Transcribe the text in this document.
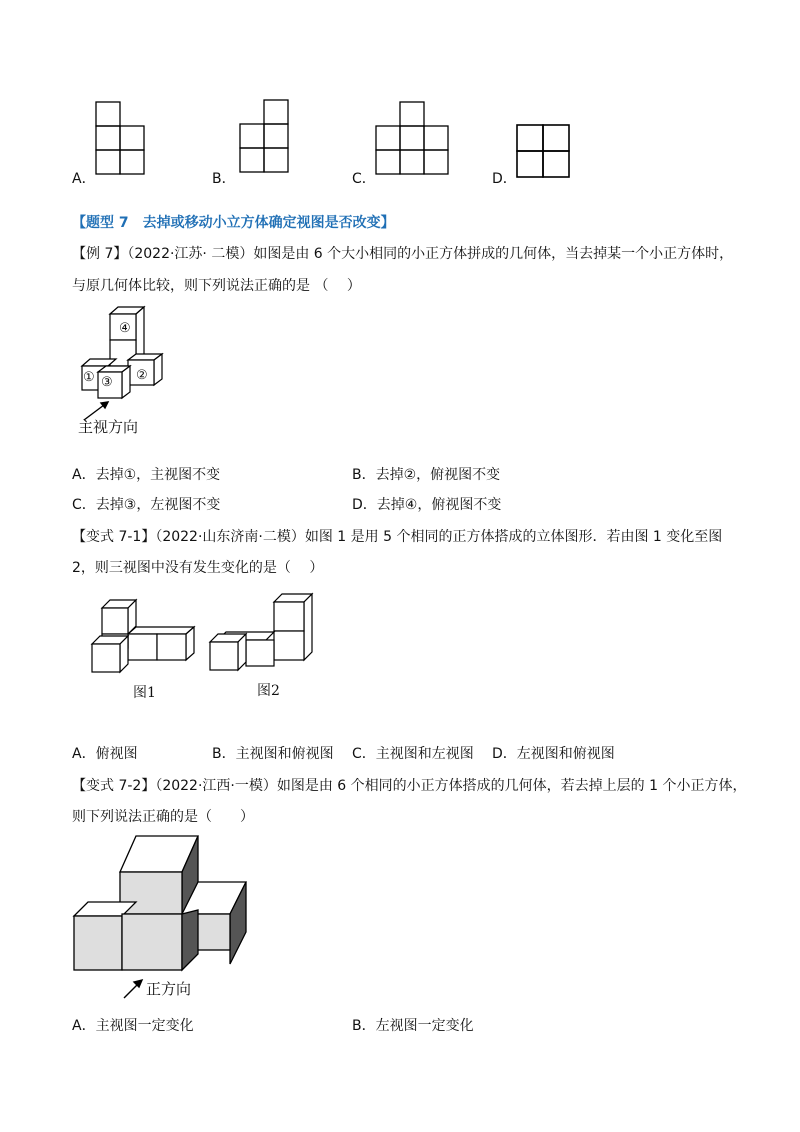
A．	B．	C．	D．
【题型 7　去掉或移动小立方体确定视图是否改变】
【例 7】（2022·江苏· 二模）如图是由 6 个大小相同的小正方体拼成的几何体，当去掉某一个小正方体时，
与原几何体比较，则下列说法正确的是 （　 ）
④
① ③ ②
主视方向
A．去掉①，主视图不变	B．去掉②，俯视图不变
C．去掉③，左视图不变	D．去掉④，俯视图不变
【变式 7-1】（2022·山东济南·二模）如图 1 是用 5 个相同的正方体搭成的立体图形．若由图 1 变化至图
2，则三视图中没有发生变化的是（　 ）
图1	图2
A．俯视图	B．主视图和俯视图 C．主视图和左视图 D．左视图和俯视图
【变式 7-2】（2022·江西·一模）如图是由 6 个相同的小正方体搭成的几何体，若去掉上层的 1 个小正方体，
则下列说法正确的是（　　）
正方向
A．主视图一定变化	B．左视图一定变化
